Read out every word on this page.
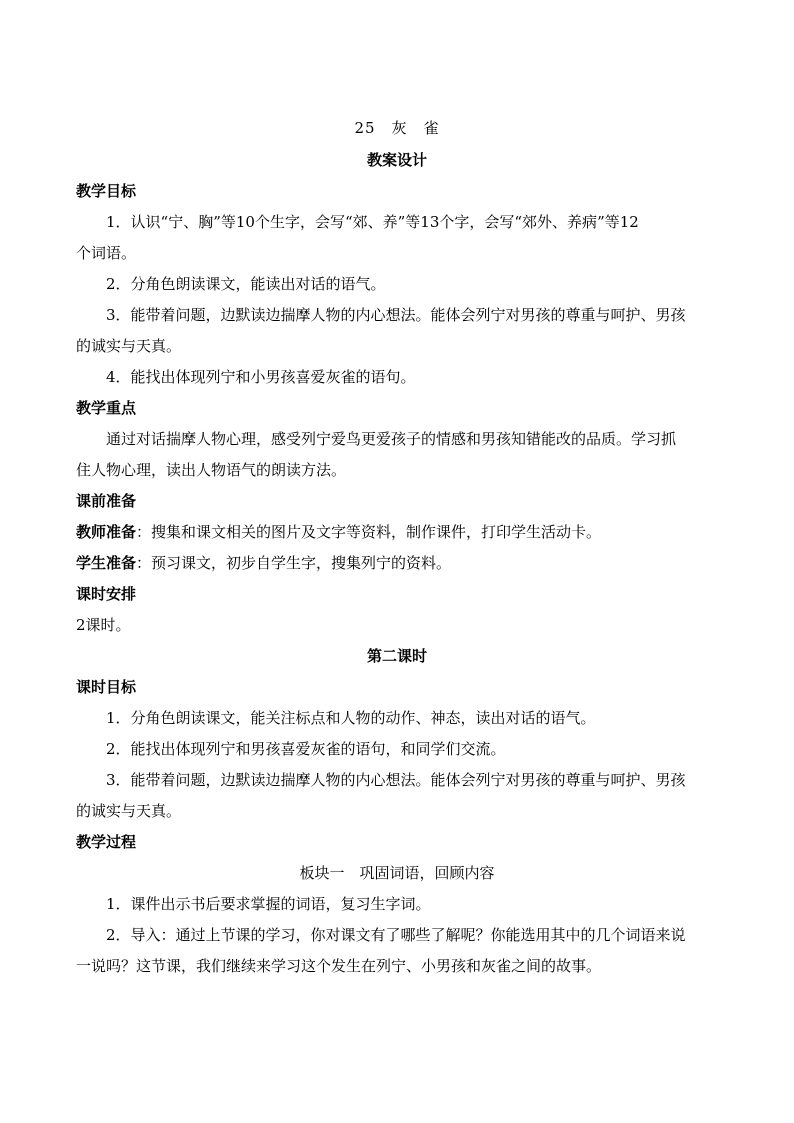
25　灰　雀

教案设计

教学目标

1．认识“宁、胸”等10个生字，会写“郊、养”等13个字，会写“郊外、养病”等12

个词语。

2．分角色朗读课文，能读出对话的语气。

3．能带着问题，边默读边揣摩人物的内心想法。能体会列宁对男孩的尊重与呵护、男孩

的诚实与天真。

4．能找出体现列宁和小男孩喜爱灰雀的语句。

教学重点

通过对话揣摩人物心理，感受列宁爱鸟更爱孩子的情感和男孩知错能改的品质。学习抓

住人物心理，读出人物语气的朗读方法。

课前准备

教师准备：搜集和课文相关的图片及文字等资料，制作课件，打印学生活动卡。

学生准备：预习课文，初步自学生字，搜集列宁的资料。

课时安排

2课时。

第二课时

课时目标

1．分角色朗读课文，能关注标点和人物的动作、神态，读出对话的语气。

2．能找出体现列宁和男孩喜爱灰雀的语句，和同学们交流。

3．能带着问题，边默读边揣摩人物的内心想法。能体会列宁对男孩的尊重与呵护、男孩

的诚实与天真。

教学过程

板块一　巩固词语，回顾内容

1．课件出示书后要求掌握的词语，复习生字词。

2．导入：通过上节课的学习，你对课文有了哪些了解呢？你能选用其中的几个词语来说

一说吗？这节课，我们继续来学习这个发生在列宁、小男孩和灰雀之间的故事。
